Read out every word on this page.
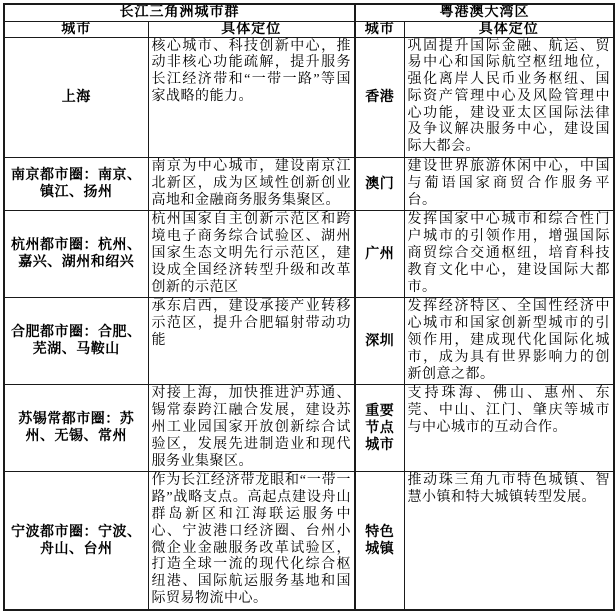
长江三角洲城市群		粤港澳大湾区	
城市	具体定位	城市	具体定位
上海	核心城市、科技创新中心，推动非核心功能疏解，提升服务长江经济带和“一带一路”等国家战略的能力。	香港	巩固提升国际金融、航运、贸易中心和国际航空枢纽地位，强化离岸人民币业务枢纽、国际资产管理中心及风险管理中心功能，建设亚太区国际法律及争议解决服务中心，建设国际大都会。
南京都市圈：南京、镇江、扬州	南京为中心城市，建设南京江北新区，成为区域性创新创业高地和金融商务服务集聚区。	澳门	建设世界旅游休闲中心，中国与葡语国家商贸合作服务平台。
杭州都市圈：杭州、嘉兴、湖州和绍兴	杭州国家自主创新示范区和跨境电子商务综合试验区、湖州国家生态文明先行示范区，建设成全国经济转型升级和改革创新的示范区	广州	发挥国家中心城市和综合性门户城市的引领作用，增强国际商贸综合交通枢纽，培育科技教育文化中心，建设国际大都市。
合肥都市圈：合肥、芜湖、马鞍山	承东启西，建设承接产业转移示范区，提升合肥辐射带动功能	深圳	发挥经济特区、全国性经济中心城市和国家创新型城市的引领作用，建成现代化国际化城市，成为具有世界影响力的创新创意之都。
苏锡常都市圈：苏州、无锡、常州	对接上海，加快推进沪苏通、锡常泰跨江融合发展，建设苏州工业园国家开放创新综合试验区，发展先进制造业和现代服务业集聚区。	重要节点城市	支持珠海、佛山、惠州、东莞、中山、江门、肇庆等城市与中心城市的互动合作。
宁波都市圈：宁波、舟山、台州	作为长江经济带龙眼和“一带一路”战略支点。高起点建设舟山群岛新区和江海联运服务中心、宁波港口经济圈、台州小微企业金融服务改革试验区，打造全球一流的现代化综合枢纽港、国际航运服务基地和国际贸易物流中心。	特色城镇	推动珠三角九市特色城镇、智慧小镇和特大城镇转型发展。
